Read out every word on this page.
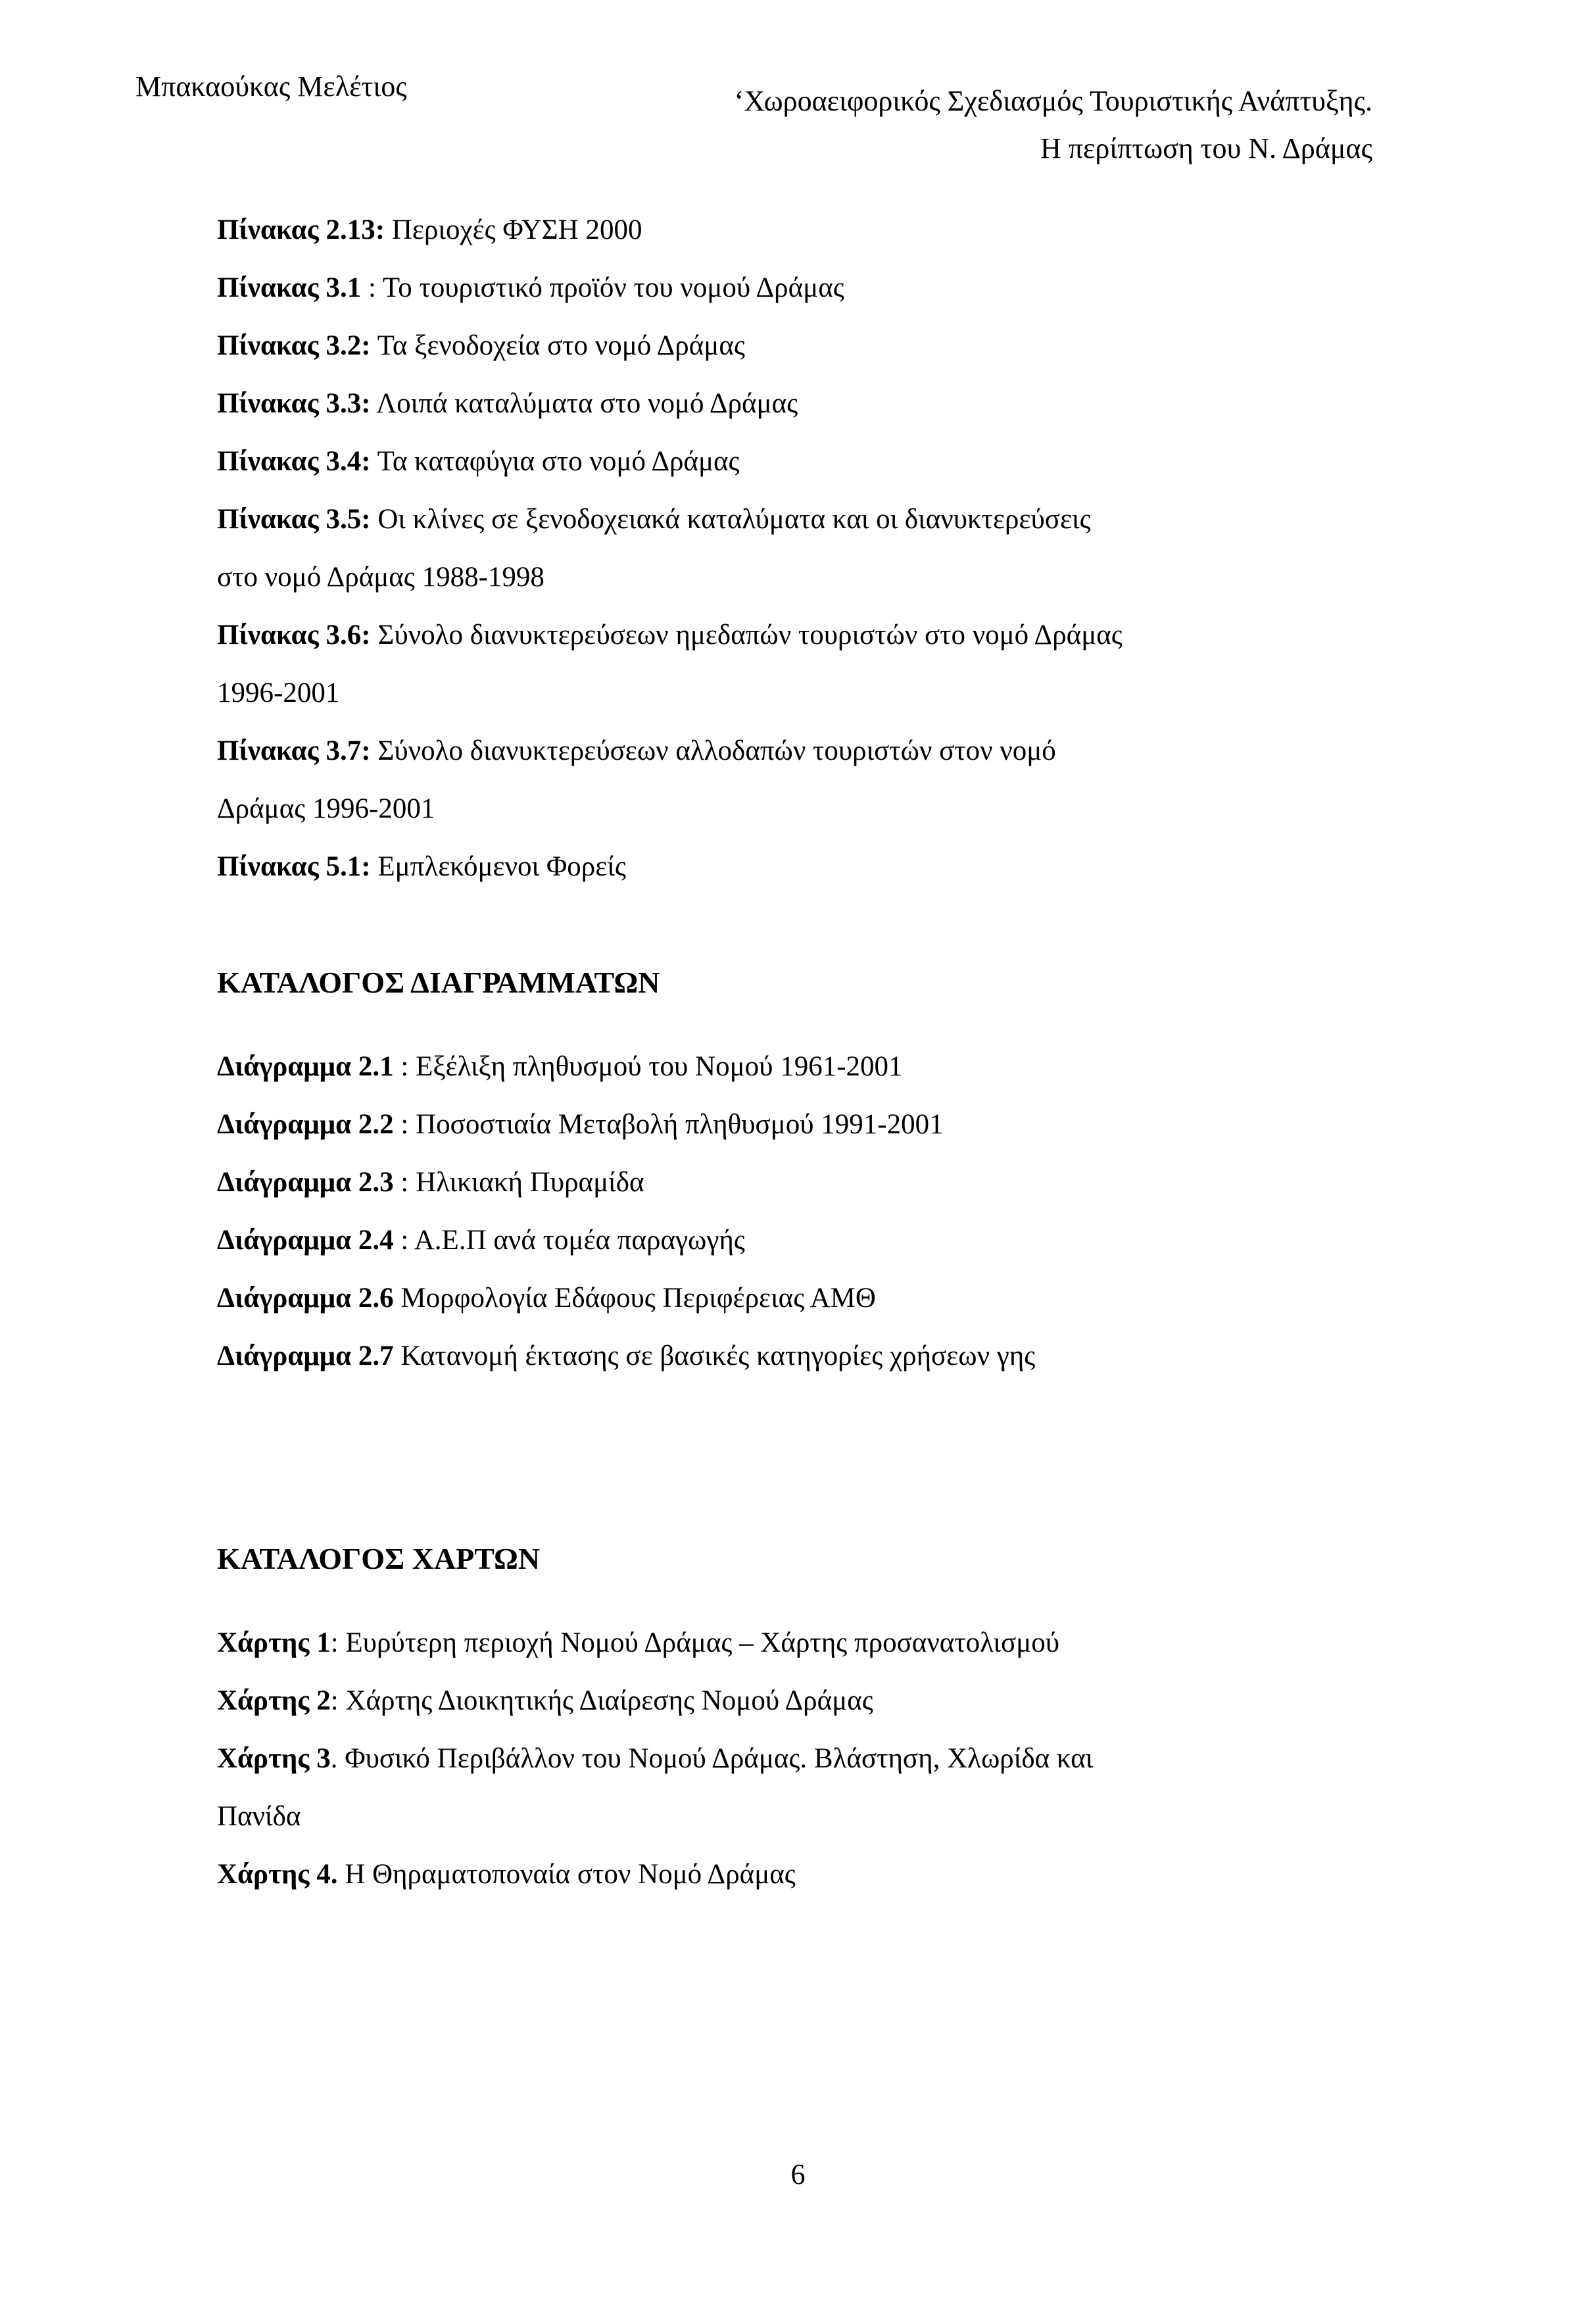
Μπακαούκας Μελέτιος	‘Χωροαειφορικός Σχεδιασμός Τουριστικής Ανάπτυξης.
Η περίπτωση του Ν. Δράμας
Πίνακας 2.13: Περιοχές ΦΥΣΗ 2000
Πίνακας 3.1 : Το τουριστικό προϊόν του νομού Δράμας
Πίνακας 3.2: Τα ξενοδοχεία στο νομό Δράμας
Πίνακας 3.3: Λοιπά καταλύματα στο νομό Δράμας
Πίνακας 3.4: Τα καταφύγια στο νομό Δράμας
Πίνακας 3.5: Οι κλίνες σε ξενοδοχειακά καταλύματα και οι διανυκτερεύσεις
στο νομό Δράμας 1988-1998
Πίνακας 3.6: Σύνολο διανυκτερεύσεων ημεδαπών τουριστών στο νομό Δράμας
1996-2001
Πίνακας 3.7: Σύνολο διανυκτερεύσεων αλλοδαπών τουριστών στον νομό
Δράμας 1996-2001
Πίνακας 5.1: Εμπλεκόμενοι Φορείς
ΚΑΤΑΛΟΓΟΣ ΔΙΑΓΡΑΜΜΑΤΩΝ
Διάγραμμα 2.1 : Εξέλιξη πληθυσμού του Νομού 1961-2001
Διάγραμμα 2.2 : Ποσοστιαία Μεταβολή πληθυσμού 1991-2001
Διάγραμμα 2.3 : Ηλικιακή Πυραμίδα
Διάγραμμα 2.4 : Α.Ε.Π ανά τομέα παραγωγής
Διάγραμμα 2.6 Μορφολογία Εδάφους Περιφέρειας ΑΜΘ
Διάγραμμα 2.7 Κατανομή έκτασης σε βασικές κατηγορίες χρήσεων γης
ΚΑΤΑΛΟΓΟΣ ΧΑΡΤΩΝ
Χάρτης 1: Ευρύτερη περιοχή Νομού Δράμας – Χάρτης προσανατολισμού
Χάρτης 2: Χάρτης Διοικητικής Διαίρεσης Νομού Δράμας
Χάρτης 3. Φυσικό Περιβάλλον του Νομού Δράμας. Βλάστηση, Χλωρίδα και
Πανίδα
Χάρτης 4. Η Θηραματοποναία στον Νομό Δράμας
6
